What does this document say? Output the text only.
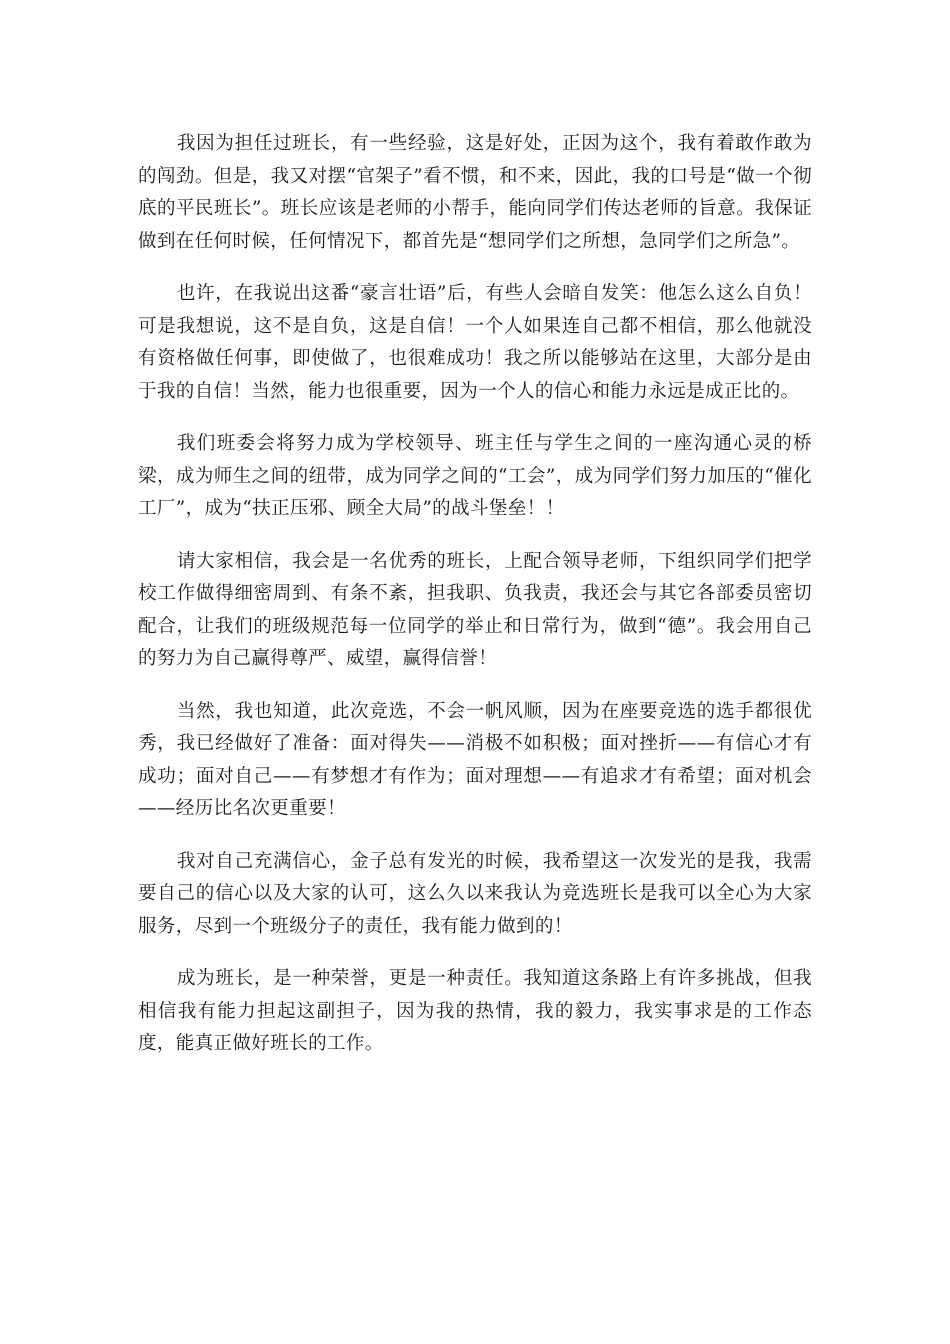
我因为担任过班长，有一些经验，这是好处，正因为这个，我有着敢作敢为的闯劲。但是，我又对摆“官架子”看不惯，和不来，因此，我的口号是“做一个彻底的平民班长”。班长应该是老师的小帮手，能向同学们传达老师的旨意。我保证做到在任何时候，任何情况下，都首先是“想同学们之所想，急同学们之所急”。

也许，在我说出这番“豪言壮语”后，有些人会暗自发笑：他怎么这么自负！可是我想说，这不是自负，这是自信！一个人如果连自己都不相信，那么他就没有资格做任何事，即使做了，也很难成功！我之所以能够站在这里，大部分是由于我的自信！当然，能力也很重要，因为一个人的信心和能力永远是成正比的。

我们班委会将努力成为学校领导、班主任与学生之间的一座沟通心灵的桥梁，成为师生之间的纽带，成为同学之间的“工会”，成为同学们努力加压的“催化工厂”，成为“扶正压邪、顾全大局”的战斗堡垒！！

请大家相信，我会是一名优秀的班长，上配合领导老师，下组织同学们把学校工作做得细密周到、有条不紊，担我职、负我责，我还会与其它各部委员密切配合，让我们的班级规范每一位同学的举止和日常行为，做到“德”。我会用自己的努力为自己赢得尊严、威望，赢得信誉！

当然，我也知道，此次竞选，不会一帆风顺，因为在座要竞选的选手都很优秀，我已经做好了准备：面对得失——消极不如积极；面对挫折——有信心才有成功；面对自己——有梦想才有作为；面对理想——有追求才有希望；面对机会——经历比名次更重要！

我对自己充满信心，金子总有发光的时候，我希望这一次发光的是我，我需要自己的信心以及大家的认可，这么久以来我认为竞选班长是我可以全心为大家服务，尽到一个班级分子的责任，我有能力做到的！

成为班长，是一种荣誉，更是一种责任。我知道这条路上有许多挑战，但我相信我有能力担起这副担子，因为我的热情，我的毅力，我实事求是的工作态度，能真正做好班长的工作。
